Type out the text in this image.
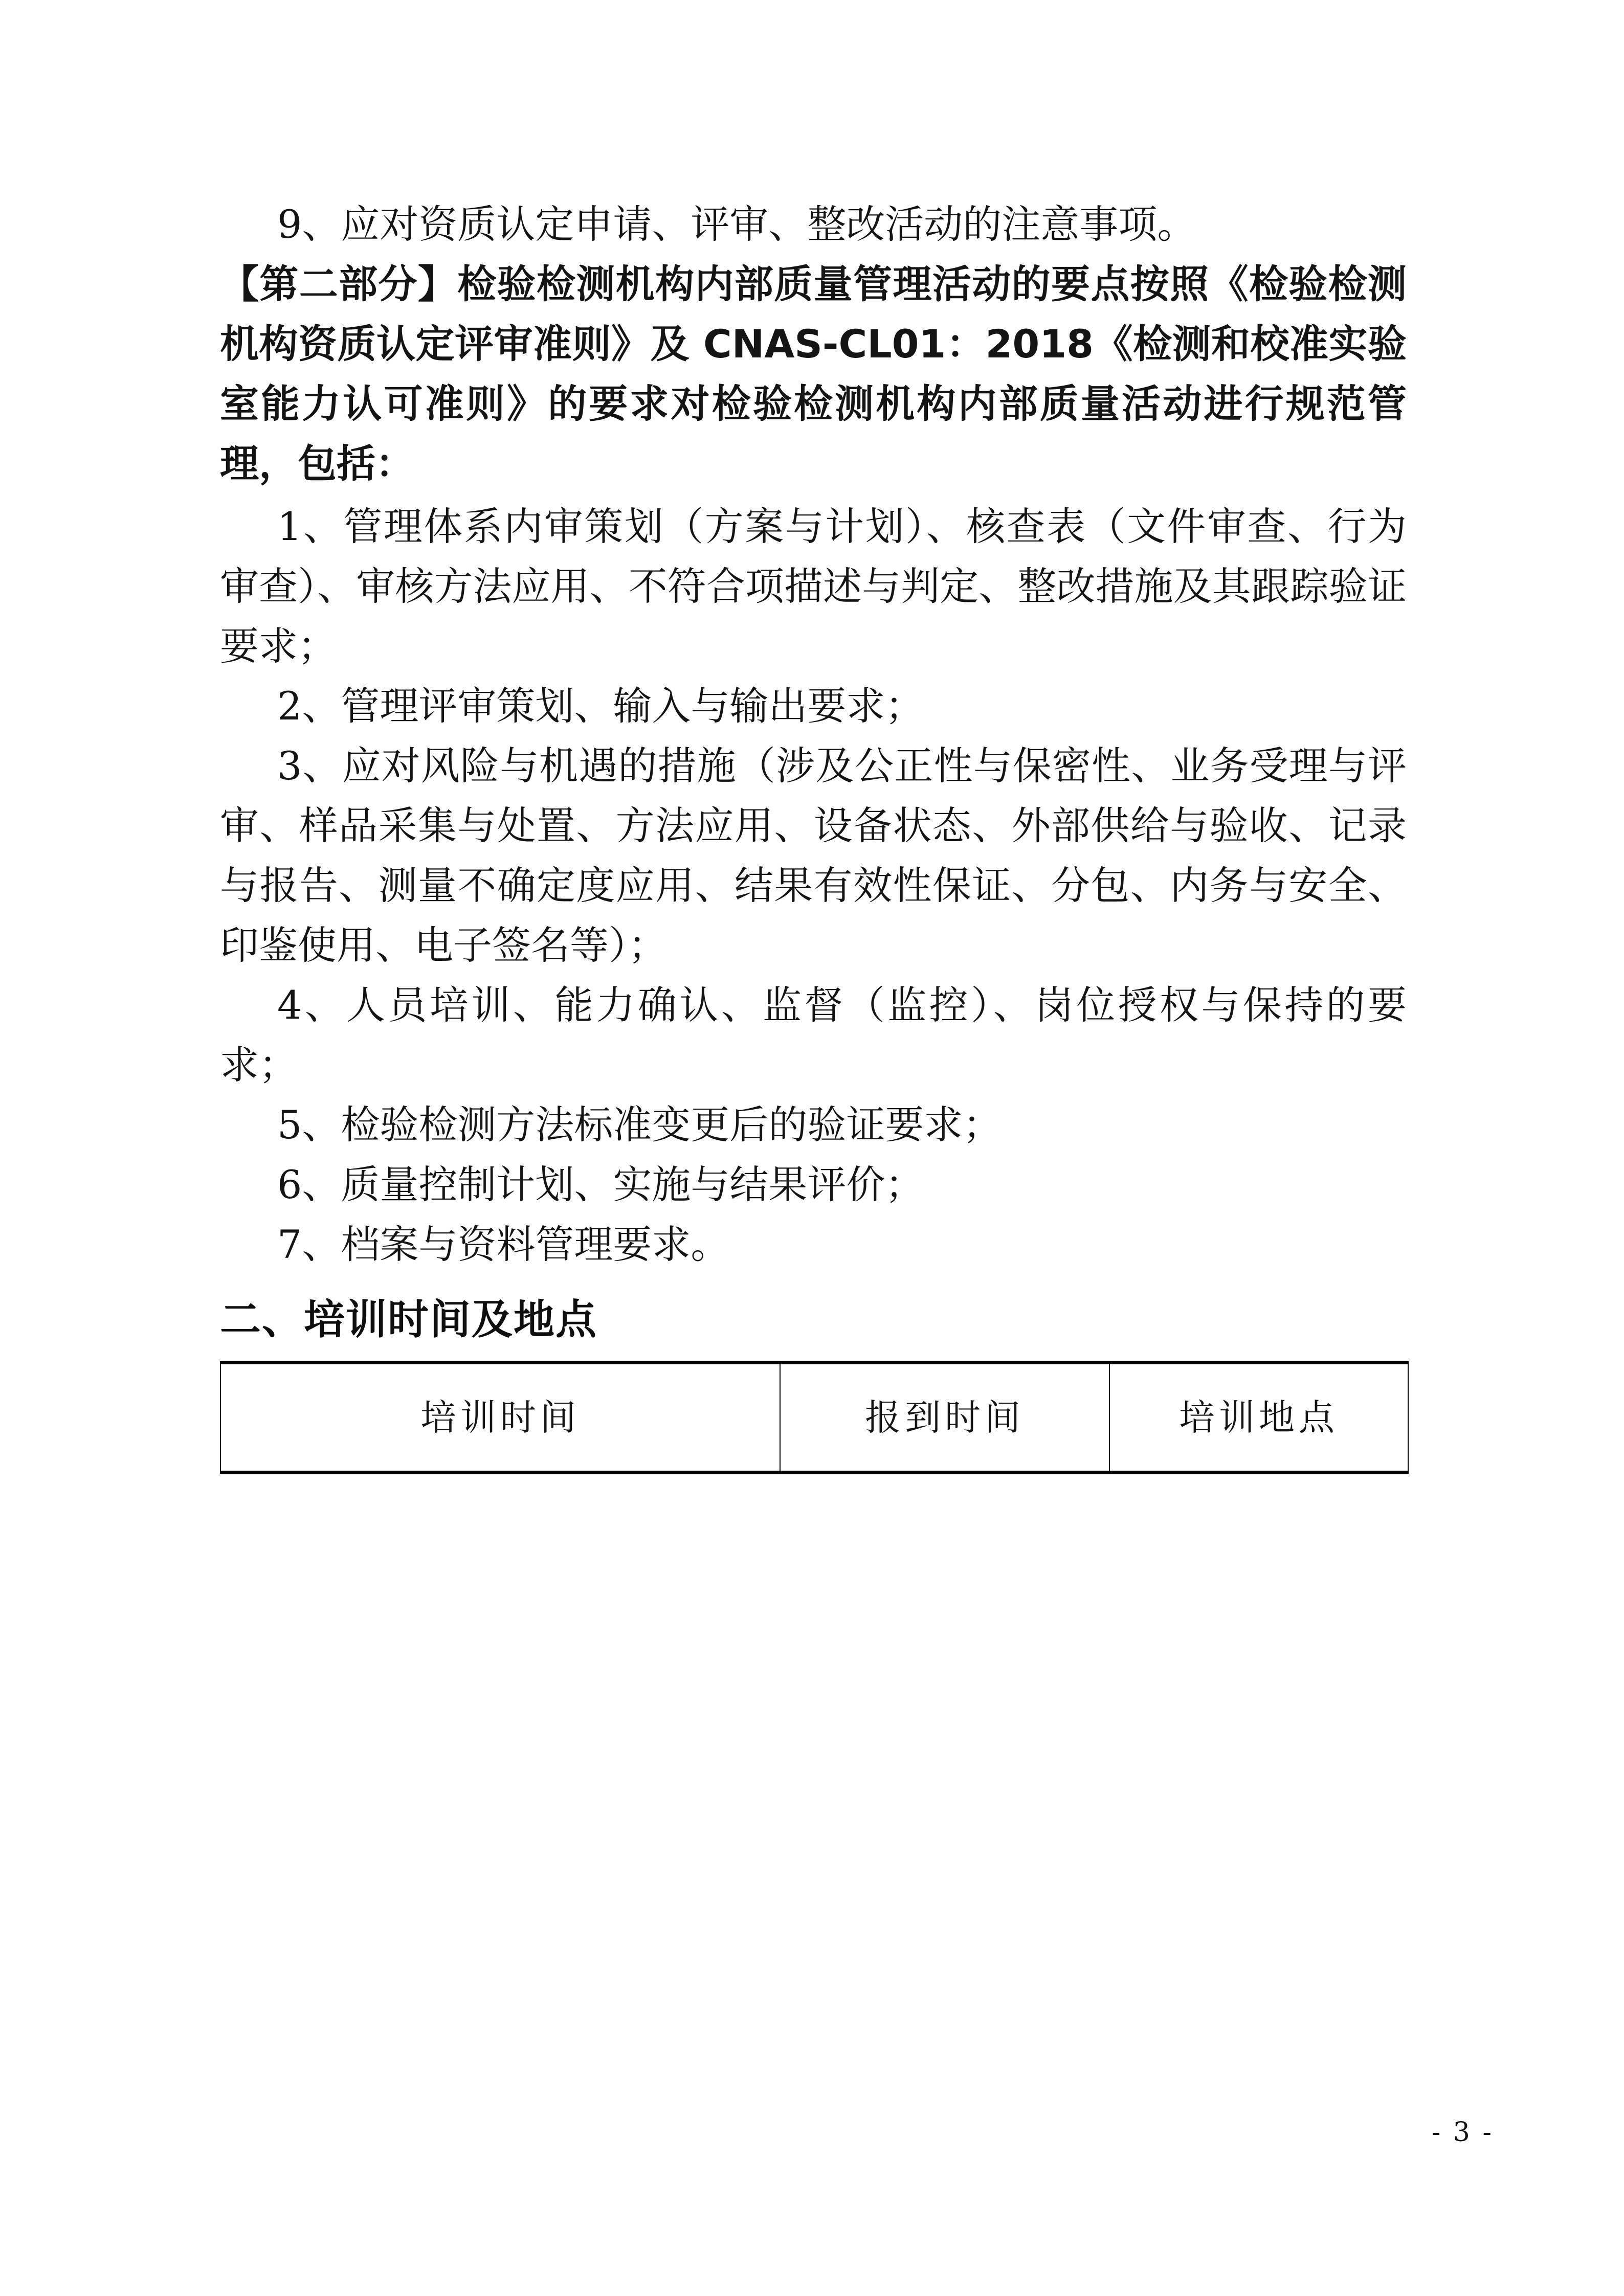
9、应对资质认定申请、评审、整改活动的注意事项。

【第二部分】检验检测机构内部质量管理活动的要点按照《检验检测机构资质认定评审准则》及 CNAS-CL01：2018《检测和校准实验室能力认可准则》的要求对检验检测机构内部质量活动进行规范管理，包括：

1、管理体系内审策划（方案与计划）、核查表（文件审查、行为审查）、审核方法应用、不符合项描述与判定、整改措施及其跟踪验证要求；

2、管理评审策划、输入与输出要求；

3、应对风险与机遇的措施（涉及公正性与保密性、业务受理与评审、样品采集与处置、方法应用、设备状态、外部供给与验收、记录与报告、测量不确定度应用、结果有效性保证、分包、内务与安全、印鉴使用、电子签名等）；

4、人员培训、能力确认、监督（监控）、岗位授权与保持的要求；

5、检验检测方法标准变更后的验证要求；

6、质量控制计划、实施与结果评价；

7、档案与资料管理要求。

二、培训时间及地点
培训时间	报到时间	培训地点
- 3 -
